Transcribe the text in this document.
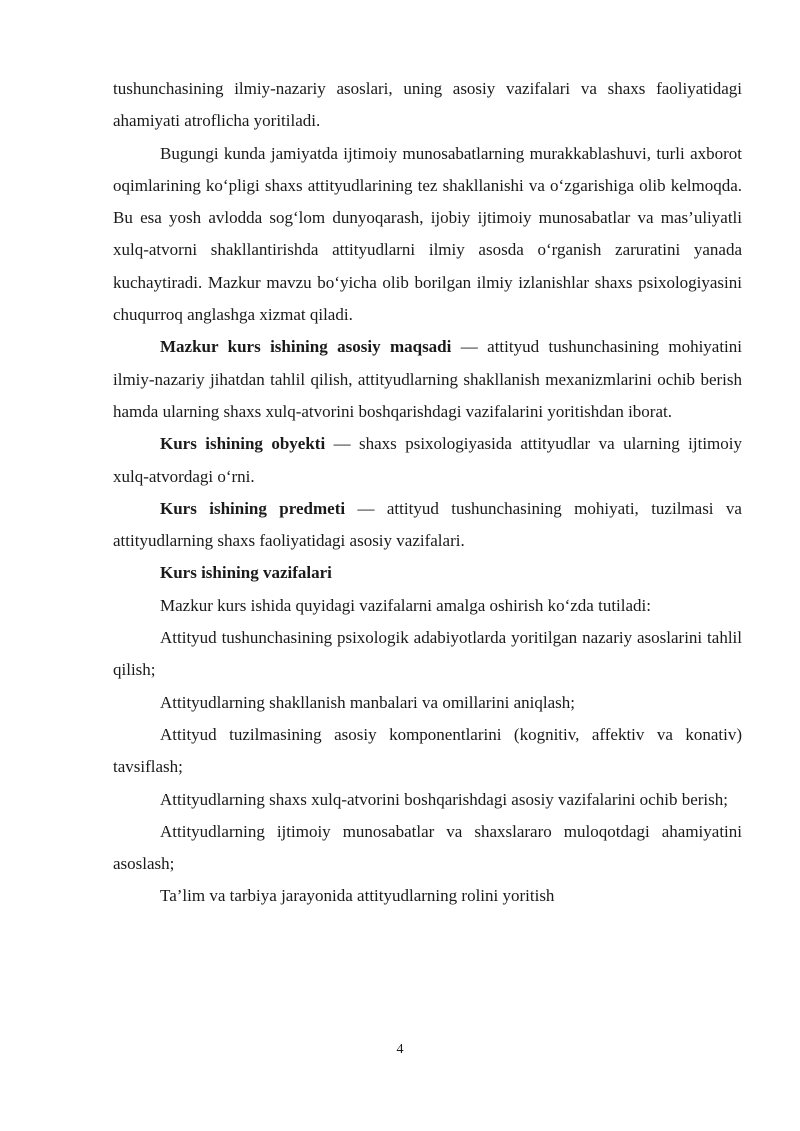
tushunchasining ilmiy-nazariy asoslari, uning asosiy vazifalari va shaxs faoliyatidagi ahamiyati atroflicha yoritiladi.

Bugungi kunda jamiyatda ijtimoiy munosabatlarning murakkablashuvi, turli axborot oqimlarining ko‘pligi shaxs attityudlarining tez shakllanishi va o‘zgarishiga olib kelmoqda. Bu esa yosh avlodda sog‘lom dunyoqarash, ijobiy ijtimoiy munosabatlar va mas’uliyatli xulq-atvorni shakllantirishda attityudlarni ilmiy asosda o‘rganish zaruratini yanada kuchaytiradi. Mazkur mavzu bo‘yicha olib borilgan ilmiy izlanishlar shaxs psixologiyasini chuqurroq anglashga xizmat qiladi.

Mazkur kurs ishining asosiy maqsadi — attityud tushunchasining mohiyatini ilmiy-nazariy jihatdan tahlil qilish, attityudlarning shakllanish mexanizmlarini ochib berish hamda ularning shaxs xulq-atvorini boshqarishdagi vazifalarini yoritishdan iborat.

Kurs ishining obyekti — shaxs psixologiyasida attityudlar va ularning ijtimoiy xulq-atvordagi o‘rni.

Kurs ishining predmeti — attityud tushunchasining mohiyati, tuzilmasi va attityudlarning shaxs faoliyatidagi asosiy vazifalari.

Kurs ishining vazifalari

Mazkur kurs ishida quyidagi vazifalarni amalga oshirish ko‘zda tutiladi:

Attityud tushunchasining psixologik adabiyotlarda yoritilgan nazariy asoslarini tahlil qilish;

Attityudlarning shakllanish manbalari va omillarini aniqlash;

Attityud tuzilmasining asosiy komponentlarini (kognitiv, affektiv va konativ) tavsiflash;

Attityudlarning shaxs xulq-atvorini boshqarishdagi asosiy vazifalarini ochib berish;

Attityudlarning ijtimoiy munosabatlar va shaxslararo muloqotdagi ahamiyatini asoslash;

Ta’lim va tarbiya jarayonida attityudlarning rolini yoritish

4
